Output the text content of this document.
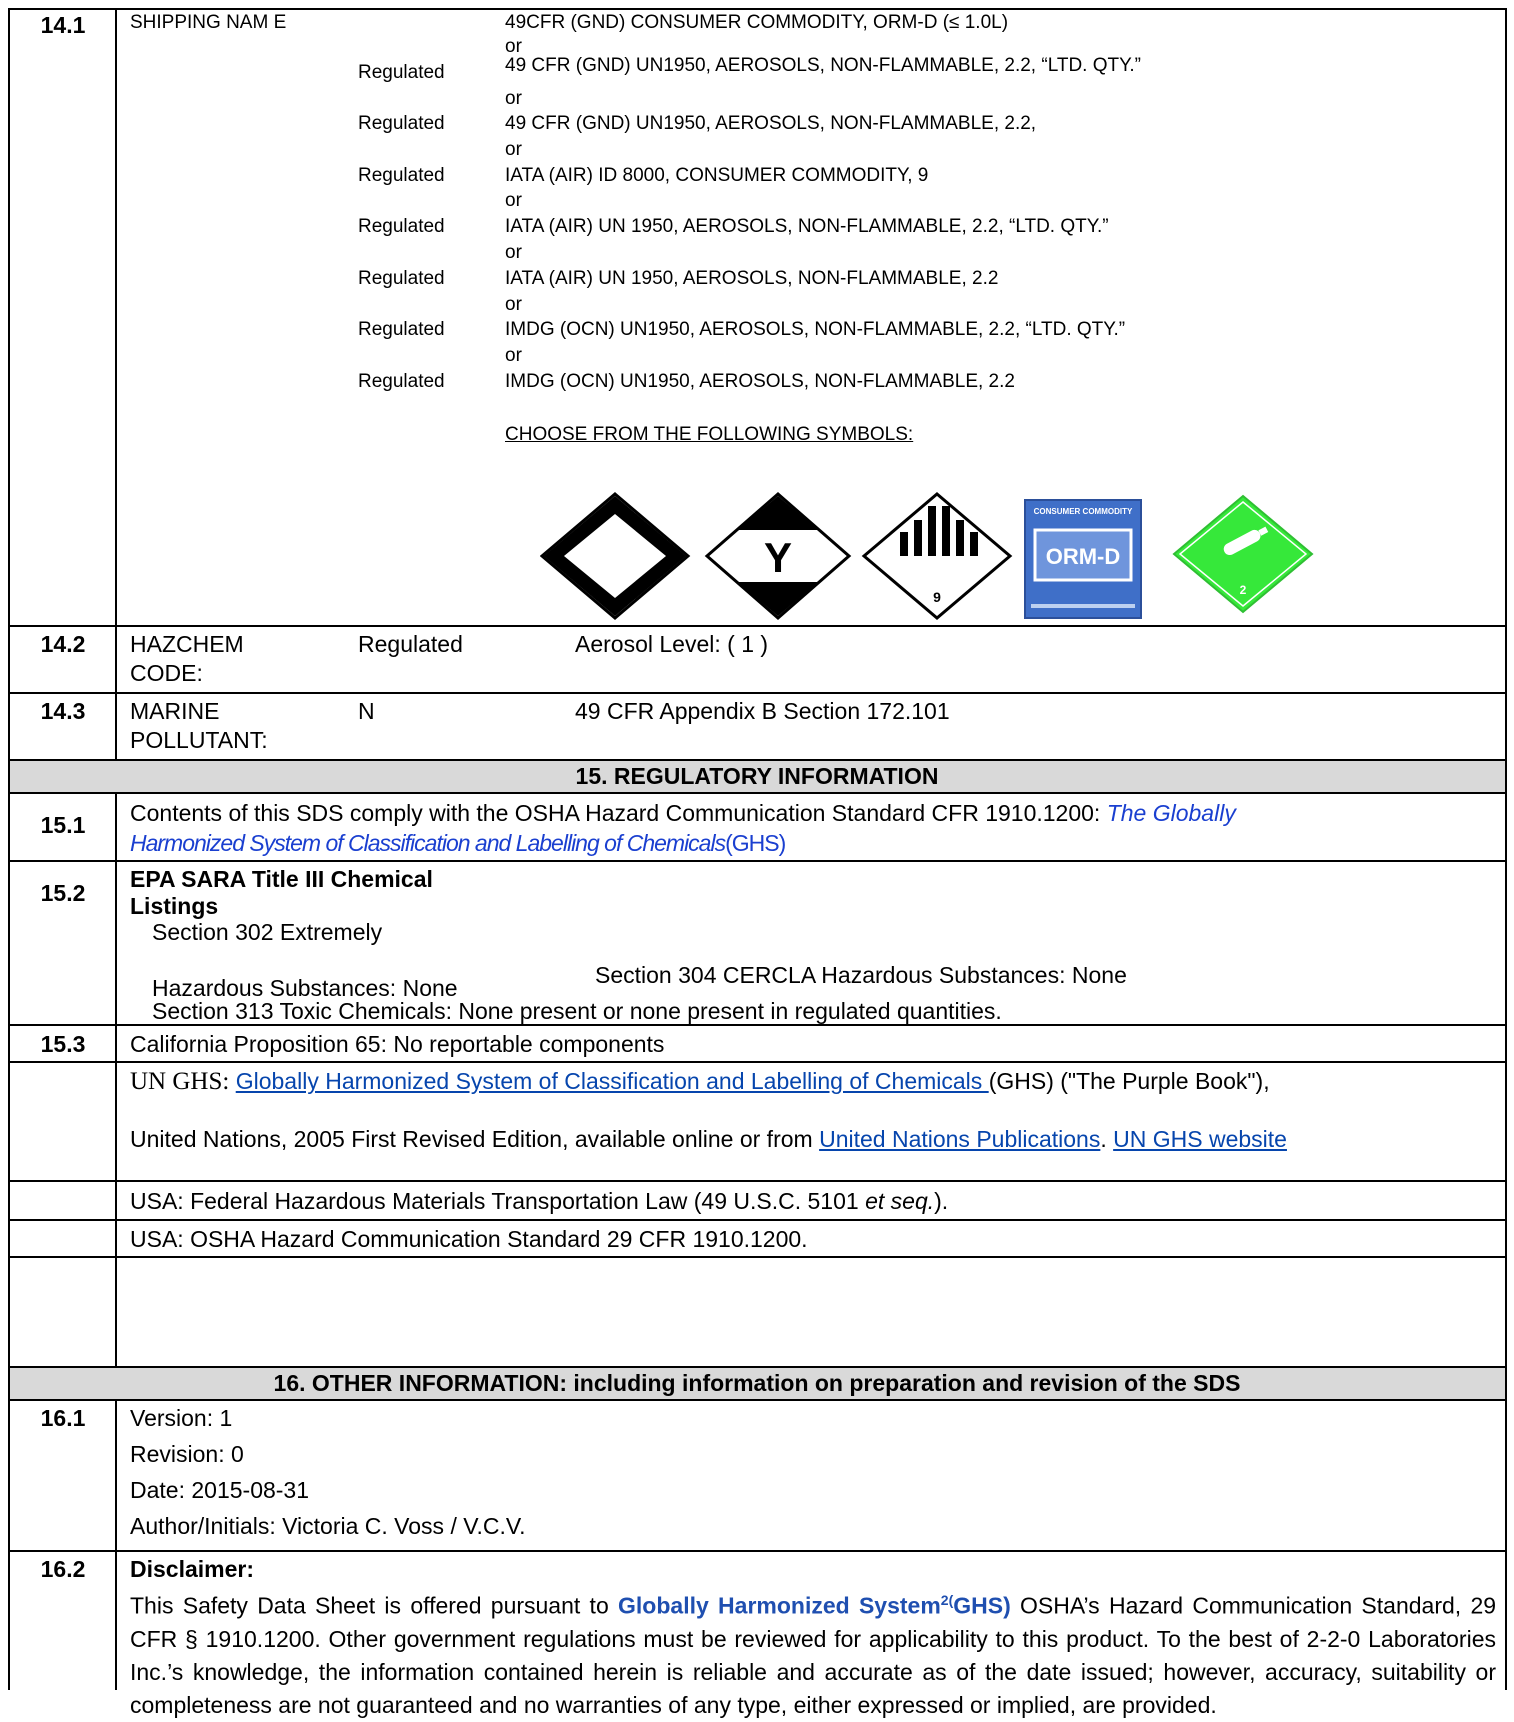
14.1	SHIPPING NAM E	49CFR (GND) CONSUMER COMMODITY, ORM-D (≤ 1.0L)
or
Regulated	49 CFR (GND) UN1950, AEROSOLS, NON-FLAMMABLE, 2.2, “LTD. QTY.”
or
Regulated	49 CFR (GND) UN1950, AEROSOLS, NON-FLAMMABLE, 2.2,
or
Regulated	IATA (AIR) ID 8000, CONSUMER COMMODITY, 9
or
Regulated	IATA (AIR) UN 1950, AEROSOLS, NON-FLAMMABLE, 2.2, “LTD. QTY.”
or
Regulated	IATA (AIR) UN 1950, AEROSOLS, NON-FLAMMABLE, 2.2
or
Regulated	IMDG (OCN) UN1950, AEROSOLS, NON-FLAMMABLE, 2.2, “LTD. QTY.”
or
Regulated	IMDG (OCN) UN1950, AEROSOLS, NON-FLAMMABLE, 2.2
CHOOSE FROM THE FOLLOWING SYMBOLS:
Y
9
CONSUMER COMMODITY
ORM-D
2
14.2	HAZCHEM
CODE:
Regulated	Aerosol Level: ( 1 )
14.3	MARINE
POLLUTANT:
N	49 CFR Appendix B Section 172.101
15. REGULATORY INFORMATION
15.1	Contents of this SDS comply with the OSHA Hazard Communication Standard CFR 1910.1200: The Globally
Harmonized System of Classification and Labelling of Chemicals(GHS)
15.2
EPA SARA Title III Chemical
Listings
Section 302 Extremely
Hazardous Substances: None	Section 304 CERCLA Hazardous Substances: None
Section 313 Toxic Chemicals: None present or none present in regulated quantities.
15.3	California Proposition 65: No reportable components
UN GHS: Globally Harmonized System of Classification and Labelling of Chemicals (GHS) ("The Purple Book"),
United Nations, 2005 First Revised Edition, available online or from United Nations Publications. UN GHS website
USA: Federal Hazardous Materials Transportation Law (49 U.S.C. 5101 et seq.).
USA: OSHA Hazard Communication Standard 29 CFR 1910.1200.
16. OTHER INFORMATION: including information on preparation and revision of the SDS
16.1	Version: 1
Revision: 0
Date: 2015-08-31
Author/Initials: Victoria C. Voss / V.C.V.
16.2	Disclaimer:
This Safety Data Sheet is offered pursuant to Globally Harmonized System$^{2(}$GHS) OSHA’s Hazard Communication Standard, 29 CFR § 1910.1200. Other government regulations must be reviewed for applicability to this product. To the best of 2-2-0 Laboratories Inc.’s knowledge, the information contained herein is reliable and accurate as of the date issued; however, accuracy, suitability or completeness are not guaranteed and no warranties of any type, either expressed or implied, are provided.
